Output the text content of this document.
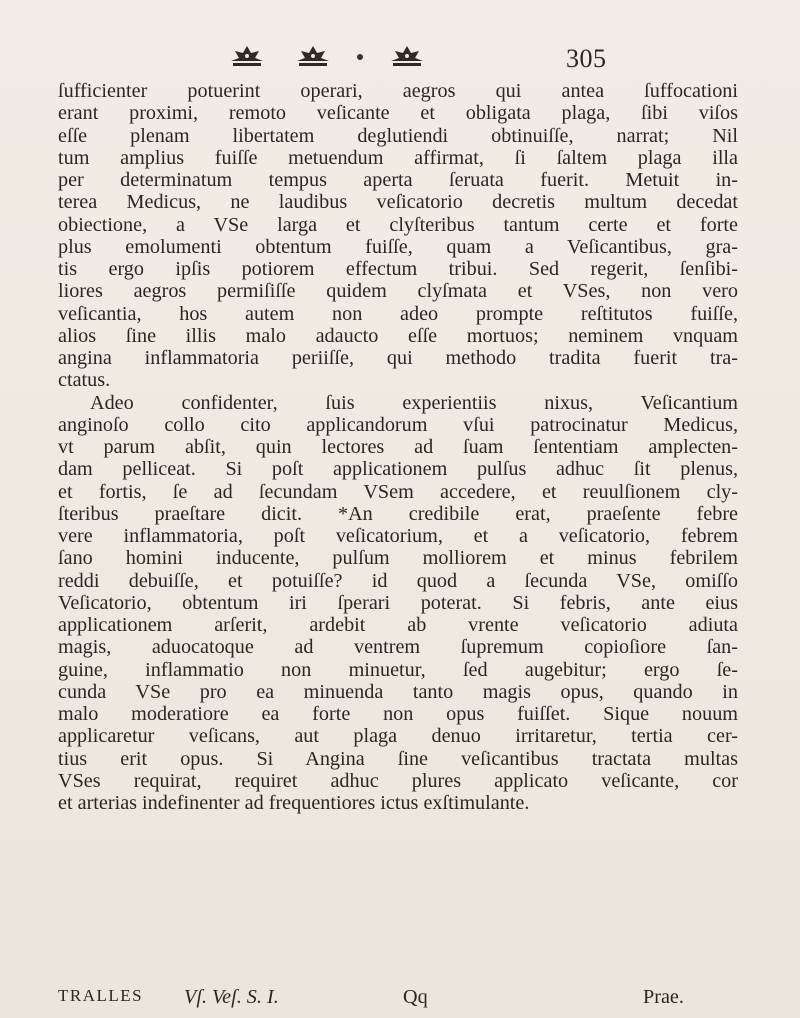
305
ſufficienter potuerint operari, aegros qui antea ſuffocationi
erant proximi, remoto veſicante et obligata plaga, ſibi viſos
eſſe plenam libertatem deglutiendi obtinuiſſe, narrat; Nil
tum amplius fuiſſe metuendum affirmat, ſi ſaltem plaga illa
per determinatum tempus aperta ſeruata fuerit. Metuit in-
terea Medicus, ne laudibus veſicatorio decretis multum decedat
obiectione, a VSe larga et clyſteribus tantum certe et forte
plus emolumenti obtentum fuiſſe, quam a Veſicantibus, gra-
tis ergo ipſis potiorem effectum tribui. Sed regerit, ſenſibi-
liores aegros permiſiſſe quidem clyſmata et VSes, non vero
veſicantia, hos autem non adeo prompte reſtitutos fuiſſe,
alios ſine illis malo adaucto eſſe mortuos; neminem vnquam
angina inflammatoria periiſſe, qui methodo tradita fuerit tra-
ctatus.
Adeo confidenter, ſuis experientiis nixus, Veſicantium
anginoſo collo cito applicandorum vſui patrocinatur Medicus,
vt parum abſit, quin lectores ad ſuam ſententiam amplecten-
dam pelliceat. Si poſt applicationem pulſus adhuc ſit plenus,
et fortis, ſe ad ſecundam VSem accedere, et reuulſionem cly-
ſteribus praeſtare dicit. *An credibile erat, praeſente febre
vere inflammatoria, poſt veſicatorium, et a veſicatorio, febrem
ſano homini inducente, pulſum molliorem et minus febrilem
reddi debuiſſe, et potuiſſe? id quod a ſecunda VSe, omiſſo
Veſicatorio, obtentum iri ſperari poterat. Si febris, ante eius
applicationem arſerit, ardebit ab vrente veſicatorio adiuta
magis, aduocatoque ad ventrem ſupremum copioſiore ſan-
guine, inflammatio non minuetur, ſed augebitur; ergo ſe-
cunda VSe pro ea minuenda tanto magis opus, quando in
malo moderatiore ea forte non opus fuiſſet. Sique nouum
applicaretur veſicans, aut plaga denuo irritaretur, tertia cer-
tius erit opus. Si Angina ſine veſicantibus tractata multas
VSes requirat, requiret adhuc plures applicato veſicante, cor
et arterias indefinenter ad frequentiores ictus exſtimulante.
TRALLES Vſ. Veſ. S. I.	Qq	Prae.
